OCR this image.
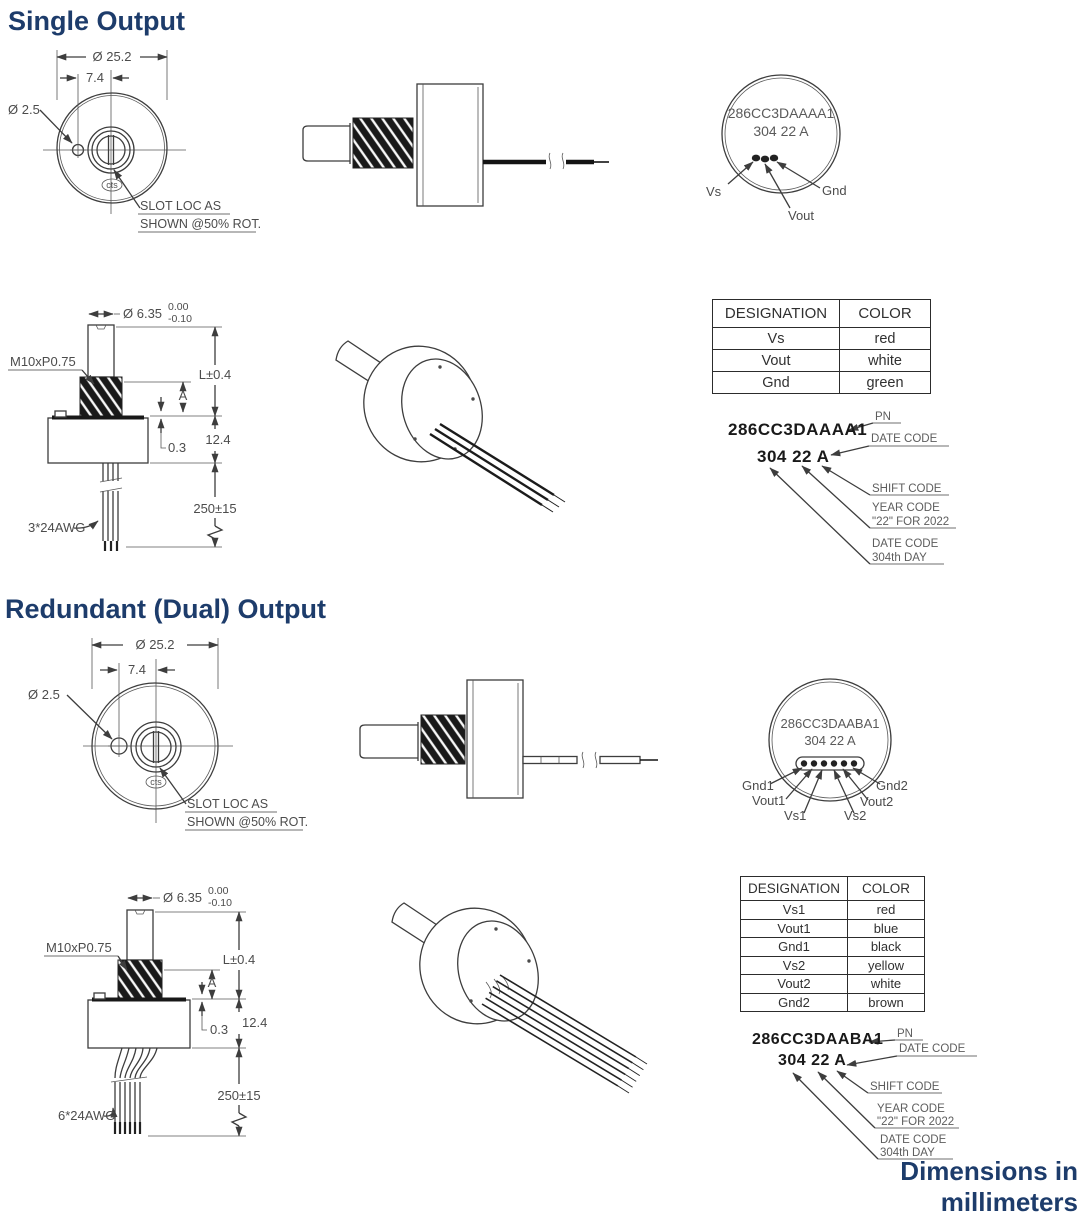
Single Output
cts
Ø 25.2
7.4
Ø 2.5
SLOT LOC AS
SHOWN @50% ROT.
286CC3DAAAA1
304 22 A
Vs
Vout
Gnd
Ø 6.35 0.00
-0.10
M10xP0.75
L±0.4
A
0.3
12.4
250±15
3*24AWG
DESIGNATION	COLOR
Vs	red
Vout	white
Gnd	green
286CC3DAAAA1
304 22 A
PN
DATE CODE
SHIFT CODE
YEAR CODE
"22" FOR 2022
DATE CODE
304th DAY
Redundant (Dual) Output
cts
Ø 25.2
7.4
Ø 2.5
SLOT LOC AS
SHOWN @50% ROT.
286CC3DAABA1
304 22 A
Gnd1
Vout1
Vs1	Vs2
Vout2
Gnd2
Ø 6.35 0.00
-0.10
M10xP0.75
L±0.4
A
0.3 12.4
250±15
6*24AWG
DESIGNATION	COLOR
Vs1	red
Vout1	blue
Gnd1	black
Vs2	yellow
Vout2	white
Gnd2	brown
286CC3DAABA1
304 22 A
PN
DATE CODE
SHIFT CODE
YEAR CODE
"22" FOR 2022
DATE CODE
304th DAY
Dimensions in millimeters
